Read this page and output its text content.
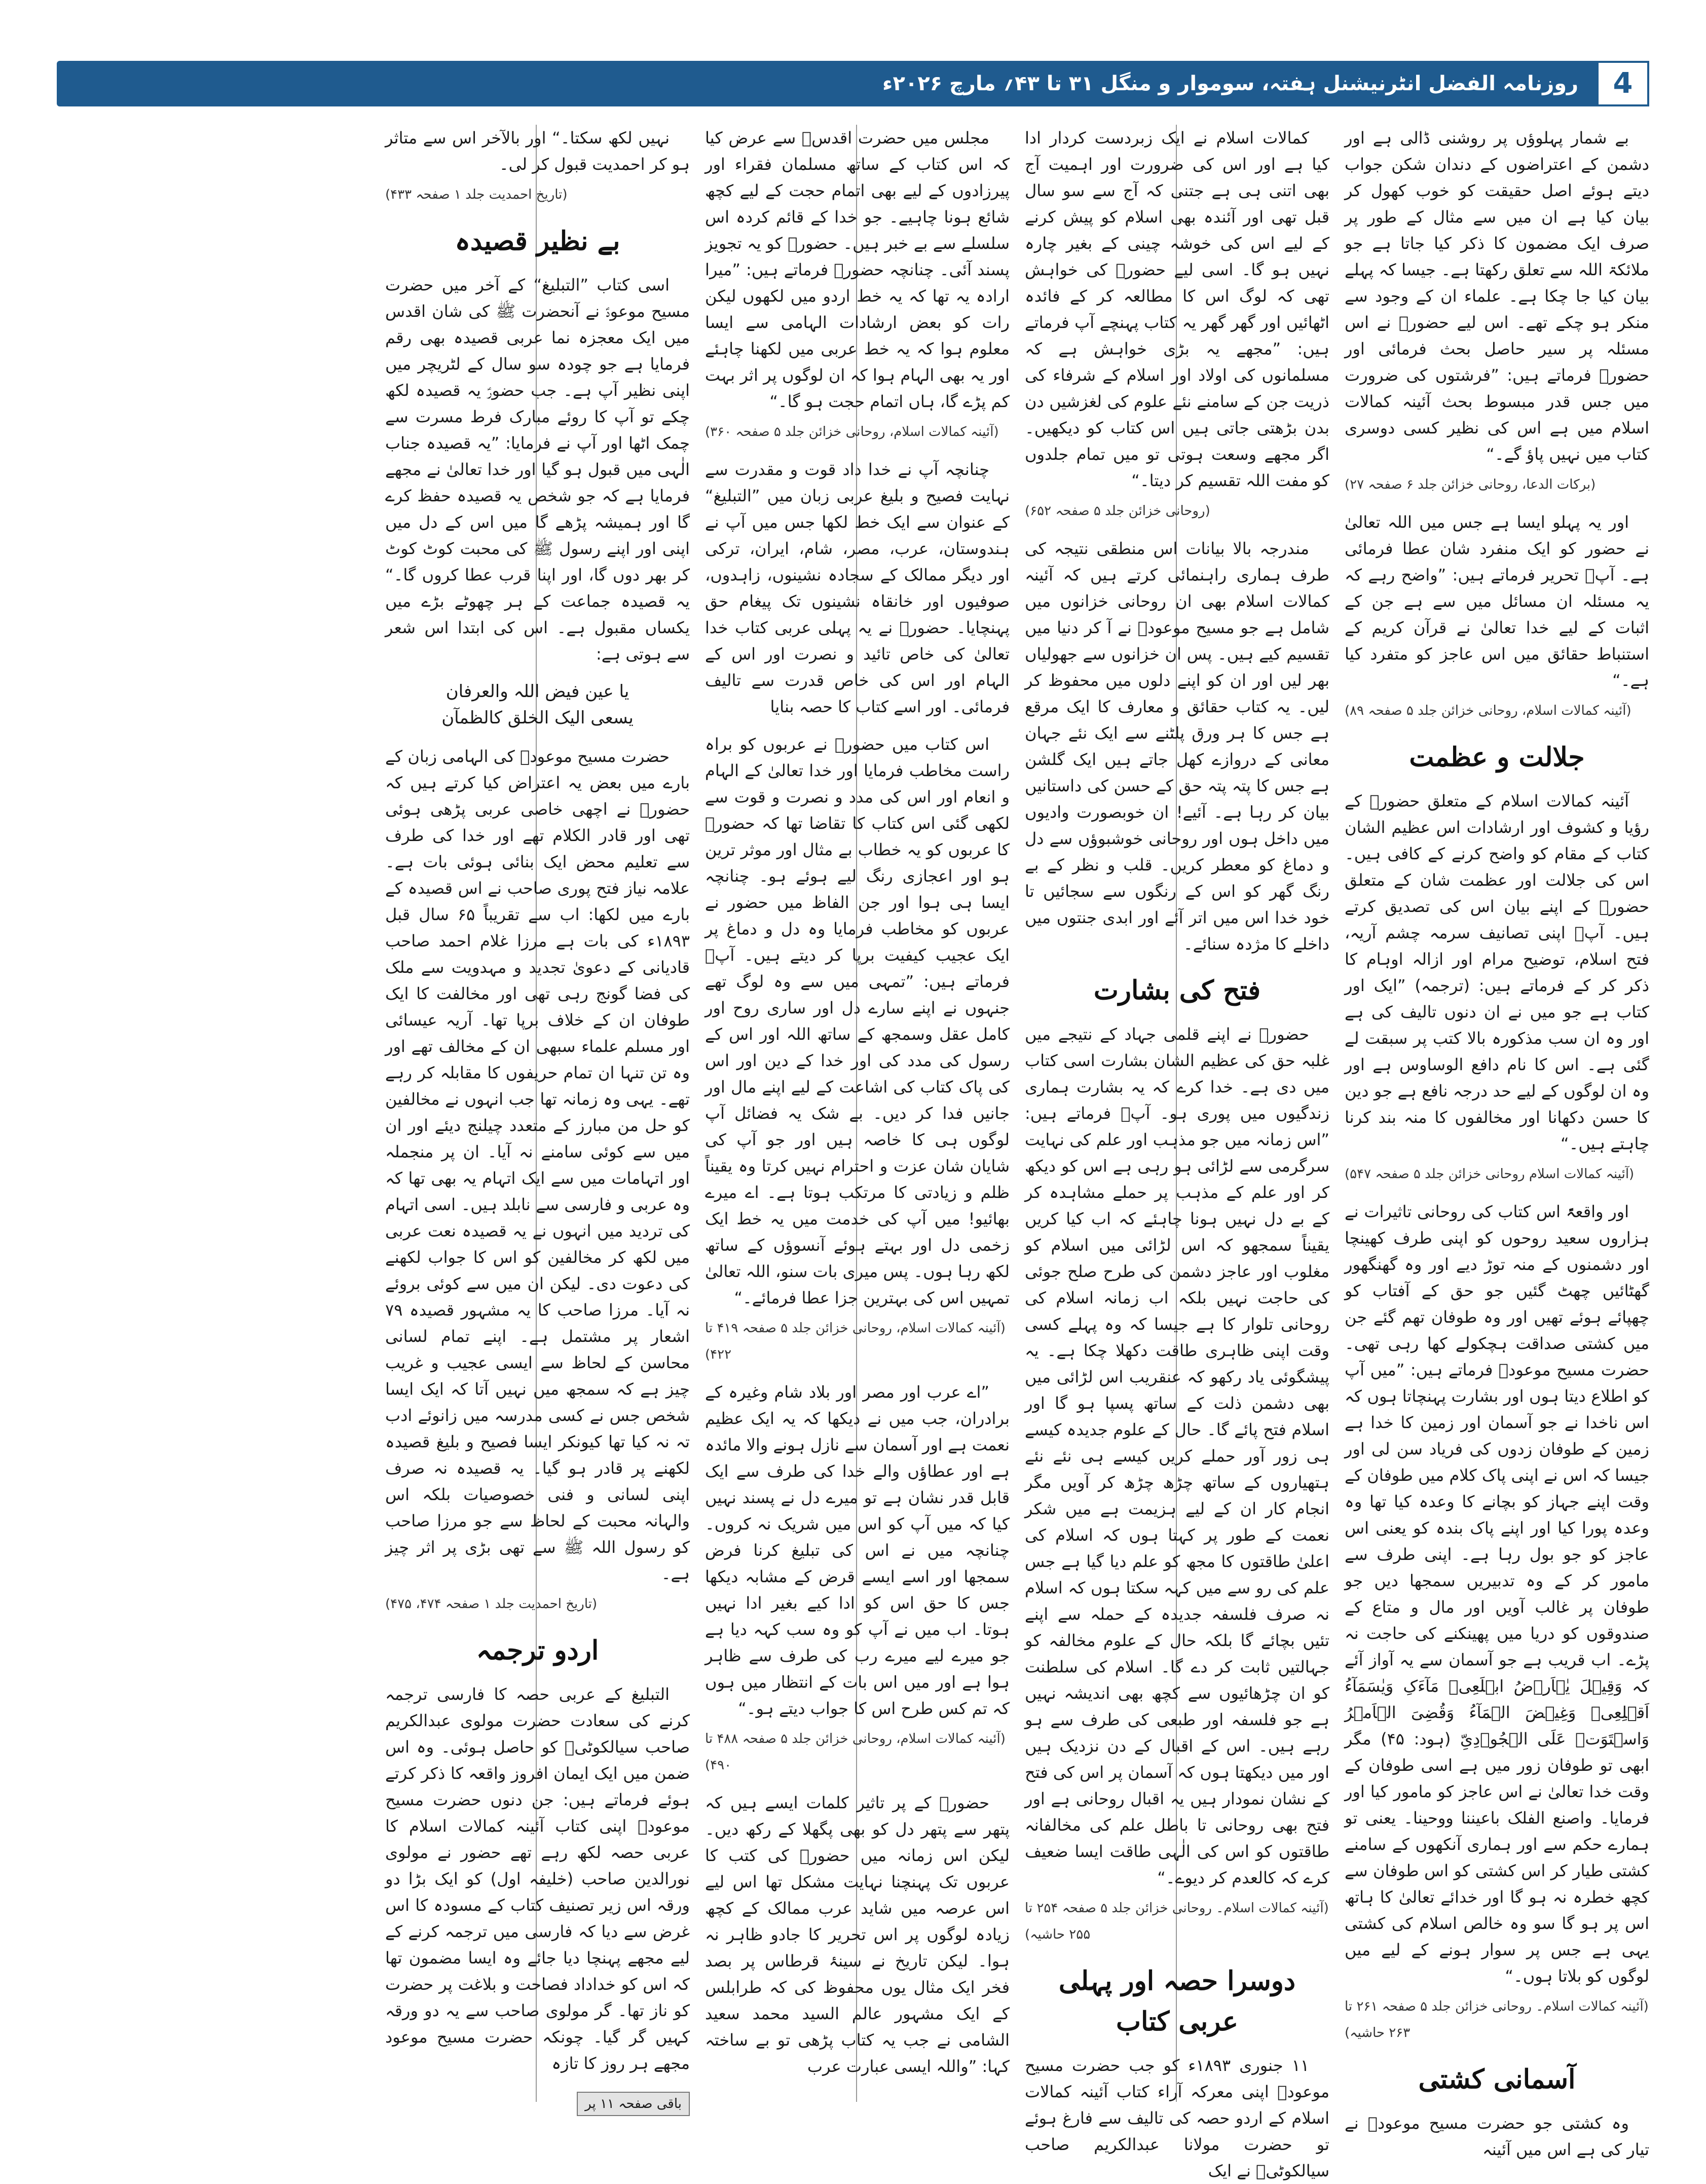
4
روزنامہ الفضل انٹرنیشنل ہفتہ، سوموار و منگل ۳۱ تا ۴۳؍ مارچ ۲۰۲۶ء

بے شمار پہلوؤں پر روشنی ڈالی ہے اور دشمن کے اعتراضوں کے دندان شکن جواب دیتے ہوئے اصل حقیقت کو خوب کھول کر بیان کیا ہے ان میں سے مثال کے طور پر صرف ایک مضمون کا ذکر کیا جاتا ہے جو ملائکۃ اللہ سے تعلق رکھتا ہے۔ جیسا کہ پہلے بیان کیا جا چکا ہے۔ علماء ان کے وجود سے منکر ہو چکے تھے۔ اس لیے حضورؑ نے اس مسئلہ پر سیر حاصل بحث فرمائی اور حضورؑ فرماتے ہیں: ”فرشتوں کی ضرورت میں جس قدر مبسوط بحث آئینہ کمالات اسلام میں ہے اس کی نظیر کسی دوسری کتاب میں نہیں پاؤ گے۔“

(برکات الدعا، روحانی خزائن جلد ۶ صفحہ ۲۷)

اور یہ پہلو ایسا ہے جس میں اللہ تعالیٰ نے حضور کو ایک منفرد شان عطا فرمائی ہے۔ آپؑ تحریر فرماتے ہیں: ”واضح رہے کہ یہ مسئلہ ان مسائل میں سے ہے جن کے اثبات کے لیے خدا تعالیٰ نے قرآن کریم کے استنباط حقائق میں اس عاجز کو متفرد کیا ہے۔“

(آئینہ کمالات اسلام، روحانی خزائن جلد ۵ صفحہ ۸۹)
جلالت و عظمت

آئینہ کمالات اسلام کے متعلق حضورؑ کے رؤیا و کشوف اور ارشادات اس عظیم الشان کتاب کے مقام کو واضح کرنے کے کافی ہیں۔ اس کی جلالت اور عظمت شان کے متعلق حضورؑ کے اپنے بیان اس کی تصدیق کرتے ہیں۔ آپؑ اپنی تصانیف سرمہ چشم آریہ، فتح اسلام، توضیح مرام اور ازالہ اوہام کا ذکر کر کے فرماتے ہیں: (ترجمہ) ”ایک اور کتاب ہے جو میں نے ان دنوں تالیف کی ہے اور وہ ان سب مذکورہ بالا کتب پر سبقت لے گئی ہے۔ اس کا نام دافع الوساوس ہے اور وہ ان لوگوں کے لیے حد درجہ نافع ہے جو دین کا حسن دکھانا اور مخالفوں کا منہ بند کرنا چاہتے ہیں۔“

(آئینہ کمالات اسلام روحانی خزائن جلد ۵ صفحہ ۵۴۷)

اور واقعۃً اس کتاب کی روحانی تاثیرات نے ہزاروں سعید روحوں کو اپنی طرف کھینچا اور دشمنوں کے منہ توڑ دیے اور وہ گھنگھور گھٹائیں چھٹ گئیں جو حق کے آفتاب کو چھپائے ہوئے تھیں اور وہ طوفان تھم گئے جن میں کشتی صداقت ہچکولے کھا رہی تھی۔ حضرت مسیح موعودؑ فرماتے ہیں: ”میں آپ کو اطلاع دیتا ہوں اور بشارت پہنچاتا ہوں کہ اس ناخدا نے جو آسمان اور زمین کا خدا ہے زمین کے طوفان زدوں کی فریاد سن لی اور جیسا کہ اس نے اپنی پاک کلام میں طوفان کے وقت اپنے جہاز کو بچانے کا وعدہ کیا تھا وہ وعدہ پورا کیا اور اپنے پاک بندہ کو یعنی اس عاجز کو جو بول رہا ہے۔ اپنی طرف سے مامور کر کے وہ تدبیریں سمجھا دیں جو طوفان پر غالب آویں اور مال و متاع کے صندوقوں کو دریا میں پھینکنے کی حاجت نہ پڑے۔ اب قریب ہے جو آسمان سے یہ آواز آئے کہ وَقِیۡلَ یٰۤاَرۡضُ ابۡلَعِیۡ مَآءَکِ وَیٰسَمَآءُ اَقۡلِعِیۡ وَغِیۡضَ الۡمَآءُ وَقُضِیَ الۡاَمۡرُ وَاسۡتَوَتۡ عَلَی الۡجُوۡدِیِّ (ہود: ۴۵) مگر ابھی تو طوفان زور میں ہے اسی طوفان کے وقت خدا تعالیٰ نے اس عاجز کو مامور کیا اور فرمایا۔ واصنع الفلک باعیننا ووحینا۔ یعنی تو ہمارے حکم سے اور ہماری آنکھوں کے سامنے کشتی طیار کر اس کشتی کو اس طوفان سے کچھ خطرہ نہ ہو گا اور خدائے تعالیٰ کا ہاتھ اس پر ہو گا سو وہ خالص اسلام کی کشتی یہی ہے جس پر سوار ہونے کے لیے میں لوگوں کو بلاتا ہوں۔“

(آئینہ کمالات اسلام۔ روحانی خزائن جلد ۵ صفحہ ۲۶۱ تا ۲۶۳ حاشیہ)
آسمانی کشتی

وہ کشتی جو حضرت مسیح موعودؑ نے تیار کی ہے اس میں آئینہ

کمالات اسلام نے ایک زبردست کردار ادا کیا ہے اور اس کی ضرورت اور اہمیت آج بھی اتنی ہی ہے جتنی کہ آج سے سو سال قبل تھی اور آئندہ بھی اسلام کو پیش کرنے کے لیے اس کی خوشہ چینی کے بغیر چارہ نہیں ہو گا۔ اسی لیے حضورؑ کی خواہش تھی کہ لوگ اس کا مطالعہ کر کے فائدہ اٹھائیں اور گھر گھر یہ کتاب پہنچے آپ فرماتے ہیں: ”مجھے یہ بڑی خواہش ہے کہ مسلمانوں کی اولاد اور اسلام کے شرفاء کی ذریت جن کے سامنے نئے علوم کی لغزشیں دن بدن بڑھتی جاتی ہیں اس کتاب کو دیکھیں۔ اگر مجھے وسعت ہوتی تو میں تمام جلدوں کو مفت اللہ تقسیم کر دیتا۔“

(روحانی خزائن جلد ۵ صفحہ ۶۵۲)

مندرجہ بالا بیانات اس منطقی نتیجہ کی طرف ہماری راہنمائی کرتے ہیں کہ آئینہ کمالات اسلام بھی ان روحانی خزانوں میں شامل ہے جو مسیح موعودؑ نے آ کر دنیا میں تقسیم کیے ہیں۔ پس ان خزانوں سے جھولیاں بھر لیں اور ان کو اپنے دلوں میں محفوظ کر لیں۔ یہ کتاب حقائق و معارف کا ایک مرقع ہے جس کا ہر ورق پلٹنے سے ایک نئے جہان معانی کے دروازے کھل جاتے ہیں ایک گلشن ہے جس کا پتہ پتہ حق کے حسن کی داستانیں بیان کر رہا ہے۔ آئیے! ان خوبصورت وادیوں میں داخل ہوں اور روحانی خوشبوؤں سے دل و دماغ کو معطر کریں۔ قلب و نظر کے بے رنگ گھر کو اس کے رنگوں سے سجائیں تا خود خدا اس میں اتر آئے اور ابدی جنتوں میں داخلے کا مژدہ سنائے۔

فتح کی بشارت

حضورؑ نے اپنے قلمی جہاد کے نتیجے میں غلبہ حق کی عظیم الشان بشارت اسی کتاب میں دی ہے۔ خدا کرے کہ یہ بشارت ہماری زندگیوں میں پوری ہو۔ آپؑ فرماتے ہیں: ”اس زمانہ میں جو مذہب اور علم کی نہایت سرگرمی سے لڑائی ہو رہی ہے اس کو دیکھ کر اور علم کے مذہب پر حملے مشاہدہ کر کے بے دل نہیں ہونا چاہئے کہ اب کیا کریں یقیناً سمجھو کہ اس لڑائی میں اسلام کو مغلوب اور عاجز دشمن کی طرح صلح جوئی کی حاجت نہیں بلکہ اب زمانہ اسلام کی روحانی تلوار کا ہے جیسا کہ وہ پہلے کسی وقت اپنی ظاہری طاقت دکھلا چکا ہے۔ یہ پیشگوئی یاد رکھو کہ عنقریب اس لڑائی میں بھی دشمن ذلت کے ساتھ پسپا ہو گا اور اسلام فتح پائے گا۔ حال کے علوم جدیدہ کیسے ہی زور آور حملے کریں کیسے ہی نئے نئے ہتھیاروں کے ساتھ چڑھ چڑھ کر آویں مگر انجام کار ان کے لیے ہزیمت ہے میں شکر نعمت کے طور پر کہتا ہوں کہ اسلام کی اعلیٰ طاقتوں کا مجھ کو علم دیا گیا ہے جس علم کی رو سے میں کہہ سکتا ہوں کہ اسلام نہ صرف فلسفہ جدیدہ کے حملہ سے اپنے تئیں بچائے گا بلکہ حال کے علوم مخالفہ کو جہالتیں ثابت کر دے گا۔ اسلام کی سلطنت کو ان چڑھائیوں سے کچھ بھی اندیشہ نہیں ہے جو فلسفہ اور طبعی کی طرف سے ہو رہے ہیں۔ اس کے اقبال کے دن نزدیک ہیں اور میں دیکھتا ہوں کہ آسمان پر اس کی فتح کے نشان نمودار ہیں یہ اقبال روحانی ہے اور فتح بھی روحانی تا باطل علم کی مخالفانہ طاقتوں کو اس کی الٰہی طاقت ایسا ضعیف کرے کہ کالعدم کر دیوے۔“

(آئینہ کمالات اسلام۔ روحانی خزائن جلد ۵ صفحہ ۲۵۴ تا ۲۵۵ حاشیہ)
دوسرا حصہ اور پہلی عربی کتاب

۱۱ جنوری ۱۸۹۳ء کو جب حضرت مسیح موعودؑ اپنی معرکہ آراء کتاب آئینہ کمالات اسلام کے اردو حصہ کی تالیف سے فارغ ہوئے تو حضرت مولانا عبدالکریم صاحب سیالکوٹیؓ نے ایک

مجلس میں حضرت اقدسؑ سے عرض کیا کہ اس کتاب کے ساتھ مسلمان فقراء اور پیرزادوں کے لیے بھی اتمام حجت کے لیے کچھ شائع ہونا چاہیے۔ جو خدا کے قائم کردہ اس سلسلے سے بے خبر ہیں۔ حضورؑ کو یہ تجویز پسند آئی۔ چنانچہ حضورؑ فرماتے ہیں: ”میرا ارادہ یہ تھا کہ یہ خط اردو میں لکھوں لیکن رات کو بعض ارشادات الہامی سے ایسا معلوم ہوا کہ یہ خط عربی میں لکھنا چاہئے اور یہ بھی الہام ہوا کہ ان لوگوں پر اثر بہت کم پڑے گا، ہاں اتمام حجت ہو گا۔“

(آئینہ کمالات اسلام، روحانی خزائن جلد ۵ صفحہ ۳۶۰)

چنانچہ آپ نے خدا داد قوت و مقدرت سے نہایت فصیح و بلیغ عربی زبان میں ”التبلیغ“ کے عنوان سے ایک خط لکھا جس میں آپ نے ہندوستان، عرب، مصر، شام، ایران، ترکی اور دیگر ممالک کے سجادہ نشینوں، زاہدوں، صوفیوں اور خانقاہ نشینوں تک پیغام حق پہنچایا۔ حضورؑ نے یہ پہلی عربی کتاب خدا تعالیٰ کی خاص تائید و نصرت اور اس کے الہام اور اس کی خاص قدرت سے تالیف فرمائی۔ اور اسے کتاب کا حصہ بنایا

اس کتاب میں حضورؑ نے عربوں کو براہ راست مخاطب فرمایا اور خدا تعالیٰ کے الہام و انعام اور اس کی مدد و نصرت و قوت سے لکھی گئی اس کتاب کا تقاضا تھا کہ حضورؑ کا عربوں کو یہ خطاب بے مثال اور موثر ترین ہو اور اعجازی رنگ لیے ہوئے ہو۔ چنانچہ ایسا ہی ہوا اور جن الفاظ میں حضور نے عربوں کو مخاطب فرمایا وہ دل و دماغ پر ایک عجیب کیفیت برپا کر دیتے ہیں۔ آپؑ فرماتے ہیں: ”تمہی میں سے وہ لوگ تھے جنہوں نے اپنے سارے دل اور ساری روح اور کامل عقل وسمجھ کے ساتھ اللہ اور اس کے رسول کی مدد کی اور خدا کے دین اور اس کی پاک کتاب کی اشاعت کے لیے اپنے مال اور جانیں فدا کر دیں۔ بے شک یہ فضائل آپ لوگوں ہی کا خاصہ ہیں اور جو آپ کی شایان شان عزت و احترام نہیں کرتا وہ یقیناً ظلم و زیادتی کا مرتکب ہوتا ہے۔ اے میرے بھائیو! میں آپ کی خدمت میں یہ خط ایک زخمی دل اور بہتے ہوئے آنسوؤں کے ساتھ لکھ رہا ہوں۔ پس میری بات سنو، اللہ تعالیٰ تمہیں اس کی بہترین جزا عطا فرمائے۔“

(آئینہ کمالات اسلام، روحانی خزائن جلد ۵ صفحہ ۴۱۹ تا ۴۲۲)

”اے عرب اور مصر اور بلاد شام وغیرہ کے برادران، جب میں نے دیکھا کہ یہ ایک عظیم نعمت ہے اور آسمان سے نازل ہونے والا مائدہ ہے اور عطاؤں والے خدا کی طرف سے ایک قابل قدر نشان ہے تو میرے دل نے پسند نہیں کیا کہ میں آپ کو اس میں شریک نہ کروں۔ چنانچہ میں نے اس کی تبلیغ کرنا فرض سمجھا اور اسے ایسے قرض کے مشابہ دیکھا جس کا حق اس کو ادا کیے بغیر ادا نہیں ہوتا۔ اب میں نے آپ کو وہ سب کہہ دیا ہے جو میرے لیے میرے رب کی طرف سے ظاہر ہوا ہے اور میں اس بات کے انتظار میں ہوں کہ تم کس طرح اس کا جواب دیتے ہو۔“

(آئینہ کمالات اسلام، روحانی خزائن جلد ۵ صفحہ ۴۸۸ تا ۴۹۰)

حضورؑ کے پر تاثیر کلمات ایسے ہیں کہ پتھر سے پتھر دل کو بھی پگھلا کے رکھ دیں۔ لیکن اس زمانہ میں حضورؑ کی کتب کا عربوں تک پہنچنا نہایت مشکل تھا اس لیے اس عرصہ میں شاید عرب ممالک کے کچھ زیادہ لوگوں پر اس تحریر کا جادو ظاہر نہ ہوا۔ لیکن تاریخ نے سینۂ قرطاس پر بصد فخر ایک مثال یوں محفوظ کی کہ طرابلس کے ایک مشہور عالم السید محمد سعید الشامی نے جب یہ کتاب پڑھی تو بے ساختہ کہا: ”واللہ ایسی عبارت عرب

نہیں لکھ سکتا۔“ اور بالآخر اس سے متاثر ہو کر احمدیت قبول کر لی۔

(تاریخ احمدیت جلد ۱ صفحہ ۴۳۳)
بے نظیر قصیدہ

اسی کتاب ”التبلیغ“ کے آخر میں حضرت مسیح موعودؑ نے آنحضرت ﷺ کی شان اقدس میں ایک معجزہ نما عربی قصیدہ بھی رقم فرمایا ہے جو چودہ سو سال کے لٹریچر میں اپنی نظیر آپ ہے۔ جب حضورؑ یہ قصیدہ لکھ چکے تو آپ کا روئے مبارک فرط مسرت سے چمک اٹھا اور آپ نے فرمایا: ”یہ قصیدہ جناب الٰہی میں قبول ہو گیا اور خدا تعالیٰ نے مجھے فرمایا ہے کہ جو شخص یہ قصیدہ حفظ کرے گا اور ہمیشہ پڑھے گا میں اس کے دل میں اپنی اور اپنے رسول ﷺ کی محبت کوٹ کوٹ کر بھر دوں گا، اور اپنا قرب عطا کروں گا۔“ یہ قصیدہ جماعت کے ہر چھوٹے بڑے میں یکساں مقبول ہے۔ اس کی ابتدا اس شعر سے ہوتی ہے:

یا عین فیض اللہ والعرفان
یسعی الیک الخلق کالظمآن

حضرت مسیح موعودؑ کی الہامی زبان کے بارے میں بعض یہ اعتراض کیا کرتے ہیں کہ حضورؑ نے اچھی خاصی عربی پڑھی ہوئی تھی اور قادر الکلام تھے اور خدا کی طرف سے تعلیم محض ایک بنائی ہوئی بات ہے۔ علامہ نیاز فتح پوری صاحب نے اس قصیدہ کے بارے میں لکھا: اب سے تقریباً ۶۵ سال قبل ۱۸۹۳ء کی بات ہے مرزا غلام احمد صاحب قادیانی کے دعویٰ تجدید و مہدویت سے ملک کی فضا گونج رہی تھی اور مخالفت کا ایک طوفان ان کے خلاف برپا تھا۔ آریہ عیسائی اور مسلم علماء سبھی ان کے مخالف تھے اور وہ تن تنہا ان تمام حریفوں کا مقابلہ کر رہے تھے۔ یہی وہ زمانہ تھا جب انہوں نے مخالفین کو حل من مبارز کے متعدد چیلنج دیئے اور ان میں سے کوئی سامنے نہ آیا۔ ان پر منجملہ اور اتہامات میں سے ایک اتہام یہ بھی تھا کہ وہ عربی و فارسی سے نابلد ہیں۔ اسی اتہام کی تردید میں انہوں نے یہ قصیدہ نعت عربی میں لکھ کر مخالفین کو اس کا جواب لکھنے کی دعوت دی۔ لیکن ان میں سے کوئی بروئے نہ آیا۔ مرزا صاحب کا یہ مشہور قصیدہ ۷۹ اشعار پر مشتمل ہے۔ اپنے تمام لسانی محاسن کے لحاظ سے ایسی عجیب و غریب چیز ہے کہ سمجھ میں نہیں آتا کہ ایک ایسا شخص جس نے کسی مدرسہ میں زانوئے ادب تہ نہ کیا تھا کیونکر ایسا فصیح و بلیغ قصیدہ لکھنے پر قادر ہو گیا۔ یہ قصیدہ نہ صرف اپنی لسانی و فنی خصوصیات بلکہ اس والہانہ محبت کے لحاظ سے جو مرزا صاحب کو رسول اللہ ﷺ سے تھی بڑی پر اثر چیز ہے۔

(تاریخ احمدیت جلد ۱ صفحہ ۴۷۴، ۴۷۵)
اردو ترجمہ

التبلیغ کے عربی حصہ کا فارسی ترجمہ کرنے کی سعادت حضرت مولوی عبدالکریم صاحب سیالکوٹیؓ کو حاصل ہوئی۔ وہ اس ضمن میں ایک ایمان افروز واقعہ کا ذکر کرتے ہوئے فرماتے ہیں: جن دنوں حضرت مسیح موعودؑ اپنی کتاب آئینہ کمالات اسلام کا عربی حصہ لکھ رہے تھے حضور نے مولوی نورالدین صاحب (خلیفہ اول) کو ایک بڑا دو ورقہ اس زیر تصنیف کتاب کے مسودہ کا اس غرض سے دیا کہ فارسی میں ترجمہ کرنے کے لیے مجھے پہنچا دیا جائے وہ ایسا مضمون تھا کہ اس کو خداداد فصاحت و بلاغت پر حضرت کو ناز تھا۔ گر مولوی صاحب سے یہ دو ورقہ کہیں گر گیا۔ چونکہ حضرت مسیح موعود مجھے ہر روز کا تازہ

باقی صفحہ ۱۱ پر
